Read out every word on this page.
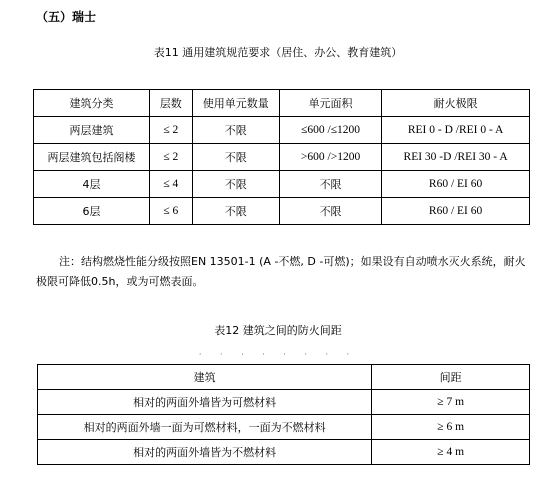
（五）瑞士
表11 通用建筑规范要求（居住、办公、教育建筑）
建筑分类	层数	使用单元数量	单元面积	耐火极限
两层建筑	≤ 2	不限	≤600 /≤1200	REI 0 - D /REI 0 - A
两层建筑包括阁楼	≤ 2	不限	>600 />1200	REI 30 -D /REI 30 - A
4层	≤ 4	不限	不限	R60 / EI 60
6层	≤ 6	不限	不限	R60 / EI 60
注：结构燃烧性能分级按照EN 13501-1 (A -不燃, D -可燃)；如果设有自动喷水灭火系统，耐火
极限可降低0.5h，或为可燃表面。
表12 建筑之间的防火间距
· · · · · · · ·
建筑	间距
相对的两面外墙皆为可燃材料	≥ 7 m
相对的两面外墙一面为可燃材料，一面为不燃材料	≥ 6 m
相对的两面外墙皆为不燃材料	≥ 4 m
